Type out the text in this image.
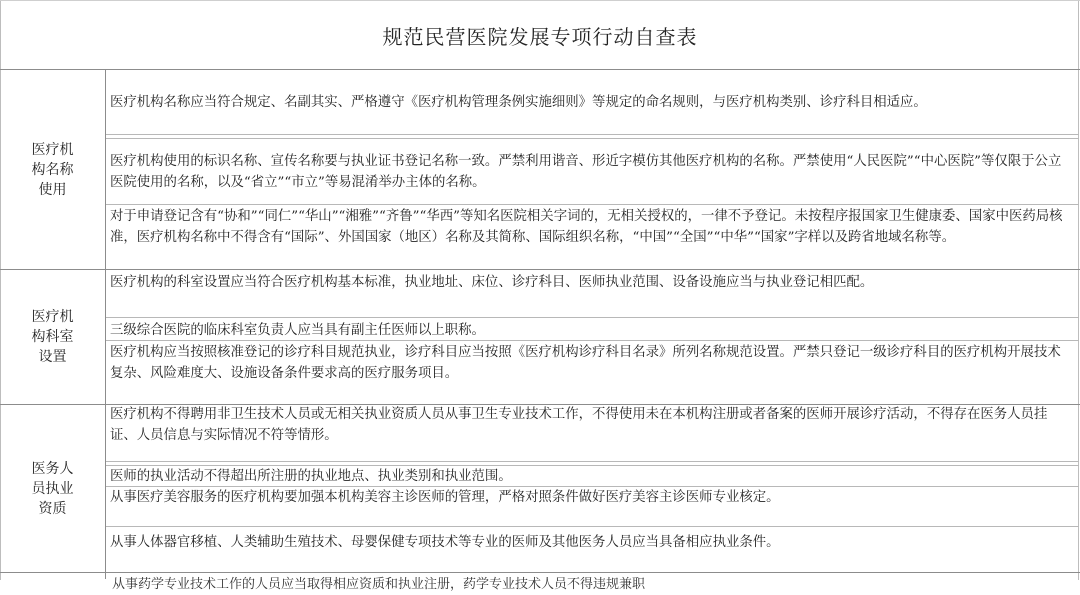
规范民营医院发展专项行动自查表
医疗机构名称使用
医疗机构名称应当符合规定、名副其实、严格遵守《医疗机构管理条例实施细则》等规定的命名规则，与医疗机构类别、诊疗科目相适应。
医疗机构使用的标识名称、宣传名称要与执业证书登记名称一致。严禁利用谐音、形近字模仿其他医疗机构的名称。严禁使用“人民医院”“中心医院”等仅限于公立医院使用的名称，以及“省立”“市立”等易混淆举办主体的名称。
对于申请登记含有“协和”“同仁”“华山”“湘雅”“齐鲁”“华西”等知名医院相关字词的，无相关授权的，一律不予登记。未按程序报国家卫生健康委、国家中医药局核准，医疗机构名称中不得含有“国际”、外国国家（地区）名称及其简称、国际组织名称，“中国”“全国”“中华”“国家”字样以及跨省地域名称等。
医疗机构科室设置
医疗机构的科室设置应当符合医疗机构基本标准，执业地址、床位、诊疗科目、医师执业范围、设备设施应当与执业登记相匹配。
三级综合医院的临床科室负责人应当具有副主任医师以上职称。
医疗机构应当按照核准登记的诊疗科目规范执业，诊疗科目应当按照《医疗机构诊疗科目名录》所列名称规范设置。严禁只登记一级诊疗科目的医疗机构开展技术复杂、风险难度大、设施设备条件要求高的医疗服务项目。
医务人员执业资质
医疗机构不得聘用非卫生技术人员或无相关执业资质人员从事卫生专业技术工作，不得使用未在本机构注册或者备案的医师开展诊疗活动，不得存在医务人员挂证、人员信息与实际情况不符等情形。
医师的执业活动不得超出所注册的执业地点、执业类别和执业范围。
从事医疗美容服务的医疗机构要加强本机构美容主诊医师的管理，严格对照条件做好医疗美容主诊医师专业核定。
从事人体器官移植、人类辅助生殖技术、母婴保健专项技术等专业的医师及其他医务人员应当具备相应执业条件。
从事药学专业技术工作的人员应当取得相应资质和执业注册，药学专业技术人员不得违规兼职
